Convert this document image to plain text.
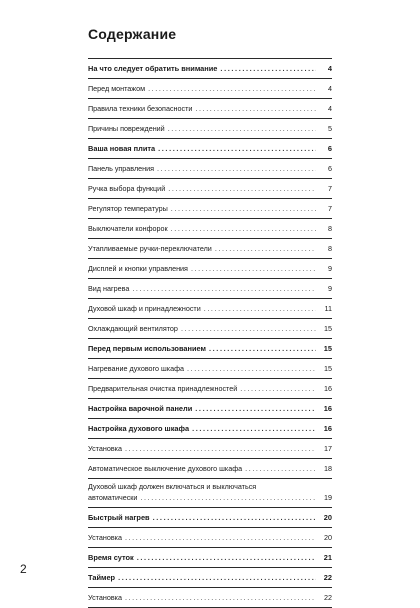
Содержание
На что следует обратить внимание .....	4
Перед монтажом .....	4
Правила техники безопасности .....	4
Причины повреждений .....	5
Ваша новая плита .....	6
Панель управления .....	6
Ручка выбора функций .....	7
Регулятор температуры .....	7
Выключатели конфорок .....	8
Утапливаемые ручки-переключатели .....	8
Дисплей и кнопки управления .....	9
Вид нагрева .....	9
Духовой шкаф и принадлежности .....	11
Охлаждающий вентилятор .....	15
Перед первым использованием .....	15
Нагревание духового шкафа .....	15
Предварительная очистка принадлежностей .....	16
Настройка варочной панели .....	16
Настройка духового шкафа .....	16
Установка .....	17
Автоматическое выключение духового шкафа .....	18
Духовой шкаф должен включаться и выключаться
автоматически .....	19
Быстрый нагрев .....	20
Установка .....	20
Время суток .....	21
Таймер .....	22
Установка .....	22
2
